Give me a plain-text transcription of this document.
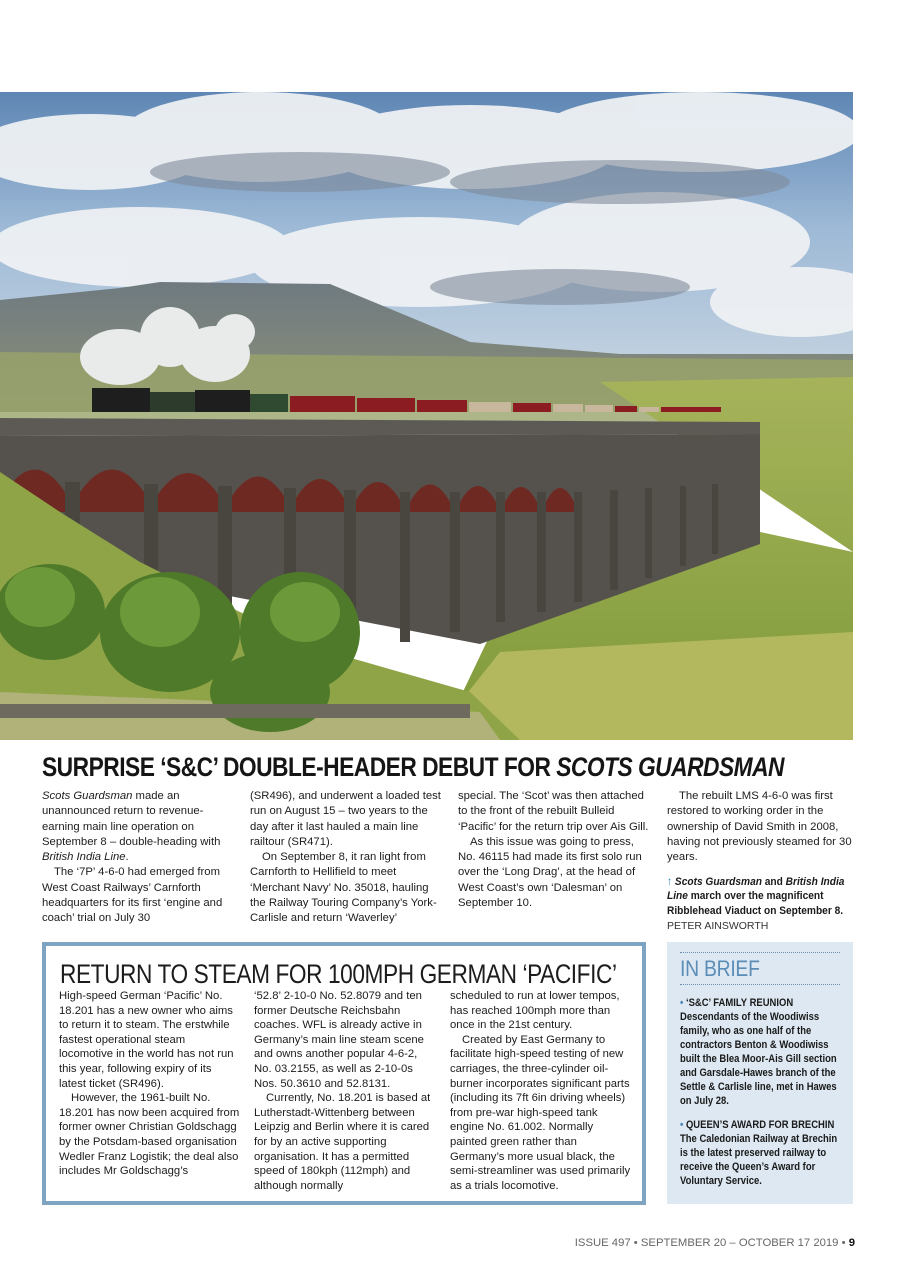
SURPRISE ‘S&C’ DOUBLE-HEADER DEBUT FOR SCOTS GUARDSMAN

Scots Guardsman made an unannounced return to revenue-earning main line operation on September 8 – double-heading with British India Line.

The ‘7P’ 4-6-0 had emerged from West Coast Railways’ Carnforth headquarters for its first ‘engine and coach’ trial on July 30

(SR496), and underwent a loaded test run on August 15 – two years to the day after it last hauled a main line railtour (SR471).

On September 8, it ran light from Carnforth to Hellifield to meet ‘Merchant Navy’ No. 35018, hauling the Railway Touring Company’s York-Carlisle and return ‘Waverley’

special. The ‘Scot’ was then attached to the front of the rebuilt Bulleid ‘Pacific’ for the return trip over Ais Gill.

As this issue was going to press, No. 46115 had made its first solo run over the ‘Long Drag’, at the head of West Coast’s own ‘Dalesman’ on September 10.

The rebuilt LMS 4-6-0 was first restored to working order in the ownership of David Smith in 2008, having not previously steamed for 30 years.

↑ Scots Guardsman and British India Line march over the magnificent Ribblehead Viaduct on September 8.
PETER AINSWORTH
RETURN TO STEAM FOR 100MPH GERMAN ‘PACIFIC’

High-speed German ‘Pacific’ No. 18.201 has a new owner who aims to return it to steam. The erstwhile fastest operational steam locomotive in the world has not run this year, following expiry of its latest ticket (SR496).

However, the 1961-built No. 18.201 has now been acquired from former owner Christian Goldschagg by the Potsdam-based organisation Wedler Franz Logistik; the deal also includes Mr Goldschagg’s

‘52.8’ 2-10-0 No. 52.8079 and ten former Deutsche Reichsbahn coaches. WFL is already active in Germany’s main line steam scene and owns another popular 4-6-2, No. 03.2155, as well as 2-10-0s Nos. 50.3610 and 52.8131.

Currently, No. 18.201 is based at Lutherstadt-Wittenberg between Leipzig and Berlin where it is cared for by an active supporting organisation. It has a permitted speed of 180kph (112mph) and although normally

scheduled to run at lower tempos, has reached 100mph more than once in the 21st century.

Created by East Germany to facilitate high-speed testing of new carriages, the three-cylinder oil-burner incorporates significant parts (including its 7ft 6in driving wheels) from pre-war high-speed tank engine No. 61.002. Normally painted green rather than Germany’s more usual black, the semi-streamliner was used primarily as a trials locomotive.

IN BRIEF
• ‘S&C’ FAMILY REUNION
Descendants of the Woodiwiss family, who as one half of the contractors Benton & Woodiwiss built the Blea Moor-Ais Gill section and Garsdale-Hawes branch of the Settle & Carlisle line, met in Hawes on July 28.
• QUEEN’S AWARD FOR BRECHIN
The Caledonian Railway at Brechin is the latest preserved railway to receive the Queen’s Award for Voluntary Service.
ISSUE 497 • SEPTEMBER 20 – OCTOBER 17 2019 • 9
